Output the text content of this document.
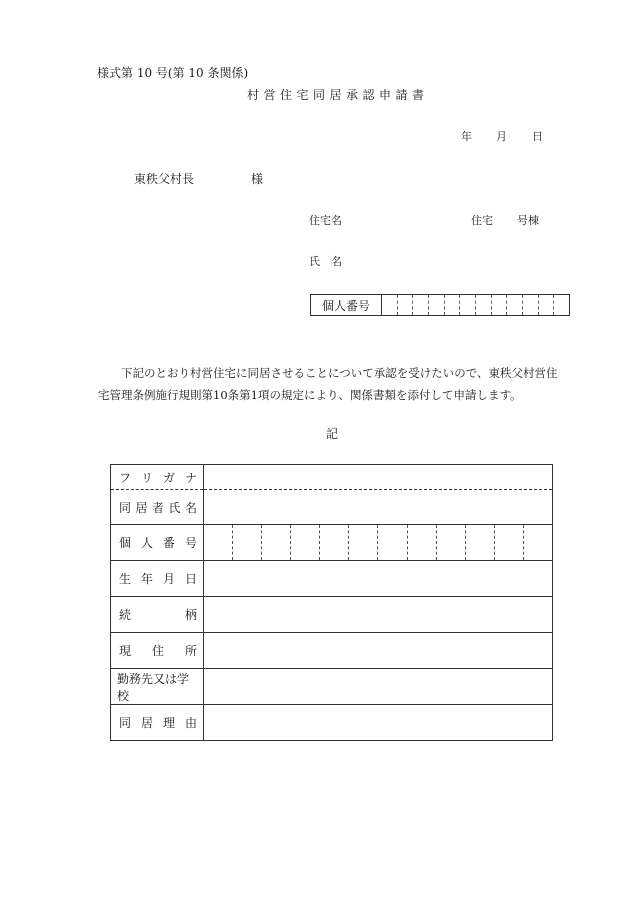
様式第 10 号(第 10 条関係)
村営住宅同居承認申請書
年 月 日
東秩父村長	様
住宅名	住宅 号棟
氏　名
個人番号
下記のとおり村営住宅に同居させることについて承認を受けたいので、東秩父村営住
宅管理条例施行規則第10条第1項の規定により、関係書類を添付して申請します。
記
フ リ ガ ナ	

同 居 者 氏 名	

個 人 番 号	

生 年 月 日	

続 柄	

現 住 所	

勤務先又は学校	

同 居 理 由	
